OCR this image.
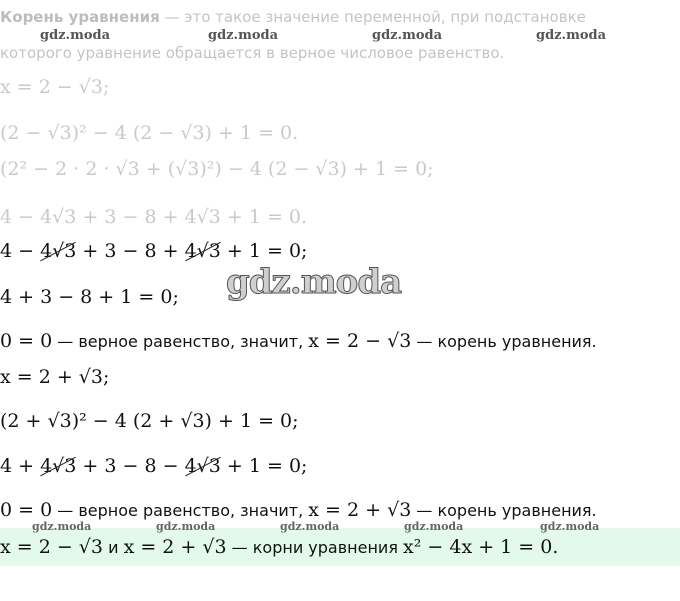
Корень уравнения — это такое значение переменной, при подстановке
которого уравнение обращается в верное числовое равенство.
gdz.moda	gdz.moda	gdz.moda	gdz.moda
x = 2 − √3;
(2 − √3)² − 4 (2 − √3) + 1 = 0.
(2² − 2 · 2 · √3 + (√3)²) − 4 (2 − √3) + 1 = 0;
4 − 4√3 + 3 − 8 + 4√3 + 1 = 0.
4 − 4√3 + 3 − 8 + 4√3 + 1 = 0;
gdz.moda
4 + 3 − 8 + 1 = 0;
0 = 0 — верное равенство, значит, x = 2 − √3 — корень уравнения.
x = 2 + √3;
(2 + √3)² − 4 (2 + √3) + 1 = 0;
4 + 4√3 + 3 − 8 − 4√3 + 1 = 0;
0 = 0 — верное равенство, значит, x = 2 + √3 — корень уравнения.
gdz.moda	gdz.moda	gdz.moda	gdz.moda	gdz.moda
x = 2 − √3 и x = 2 + √3 — корни уравнения x² − 4x + 1 = 0.
